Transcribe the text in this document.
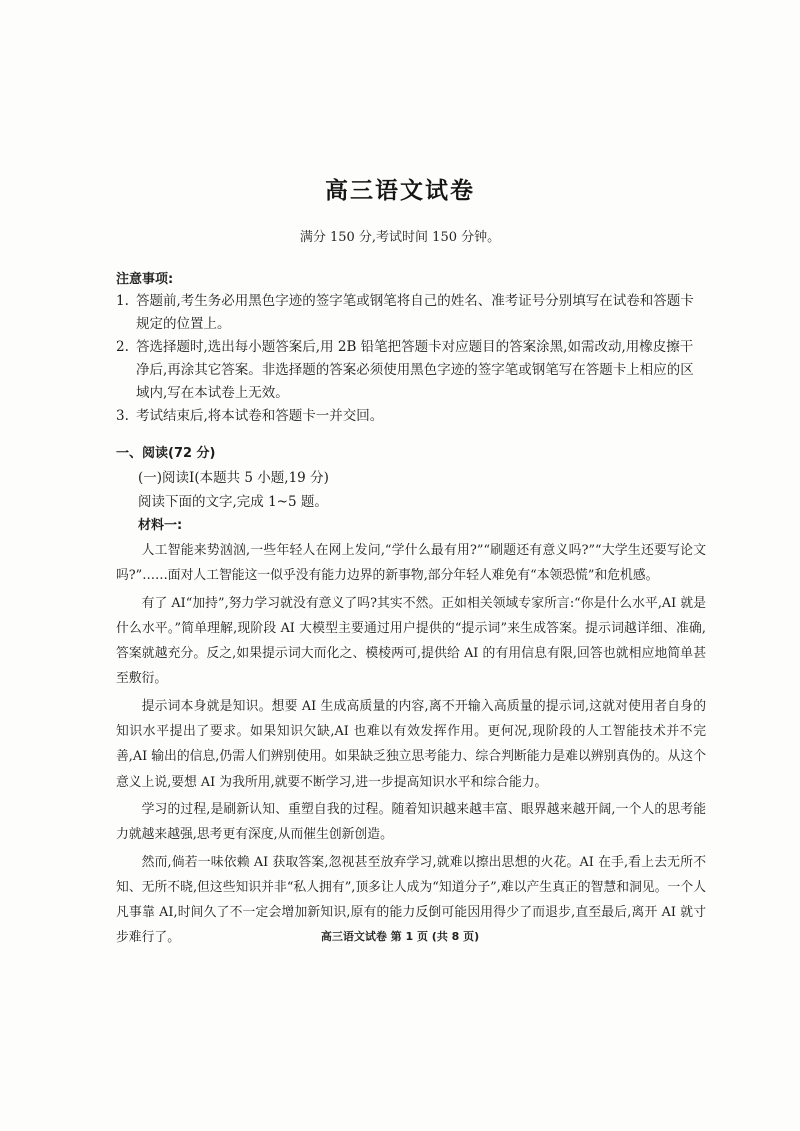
高三语文试卷
满分 150 分,考试时间 150 分钟。
注意事项:
1. 答题前,考生务必用黑色字迹的签字笔或钢笔将自己的姓名、准考证号分别填写在试卷和答题卡规定的位置上。
2. 答选择题时,选出每小题答案后,用 2B 铅笔把答题卡对应题目的答案涂黑,如需改动,用橡皮擦干净后,再涂其它答案。非选择题的答案必须使用黑色字迹的签字笔或钢笔写在答题卡上相应的区域内,写在本试卷上无效。
3. 考试结束后,将本试卷和答题卡一并交回。
一、阅读(72 分)
(一)阅读Ⅰ(本题共 5 小题,19 分)
阅读下面的文字,完成 1~5 题。
材料一:

人工智能来势汹汹,一些年轻人在网上发问,“学什么最有用?”“刷题还有意义吗?”“大学生还要写论文吗?”……面对人工智能这一似乎没有能力边界的新事物,部分年轻人难免有“本领恐慌”和危机感。

有了 AI“加持”,努力学习就没有意义了吗?其实不然。正如相关领域专家所言:“你是什么水平,AI 就是什么水平。”简单理解,现阶段 AI 大模型主要通过用户提供的“提示词”来生成答案。提示词越详细、准确,答案就越充分。反之,如果提示词大而化之、模棱两可,提供给 AI 的有用信息有限,回答也就相应地简单甚至敷衍。

提示词本身就是知识。想要 AI 生成高质量的内容,离不开输入高质量的提示词,这就对使用者自身的知识水平提出了要求。如果知识欠缺,AI 也难以有效发挥作用。更何况,现阶段的人工智能技术并不完善,AI 输出的信息,仍需人们辨别使用。如果缺乏独立思考能力、综合判断能力是难以辨别真伪的。从这个意义上说,要想 AI 为我所用,就要不断学习,进一步提高知识水平和综合能力。

学习的过程,是刷新认知、重塑自我的过程。随着知识越来越丰富、眼界越来越开阔,一个人的思考能力就越来越强,思考更有深度,从而催生创新创造。

然而,倘若一味依赖 AI 获取答案,忽视甚至放弃学习,就难以擦出思想的火花。AI 在手,看上去无所不知、无所不晓,但这些知识并非“私人拥有”,顶多让人成为“知道分子”,难以产生真正的智慧和洞见。一个人凡事靠 AI,时间久了不一定会增加新知识,原有的能力反倒可能因用得少了而退步,直至最后,离开 AI 就寸步难行了。	高三语文试卷 第 1 页 (共 8 页)
